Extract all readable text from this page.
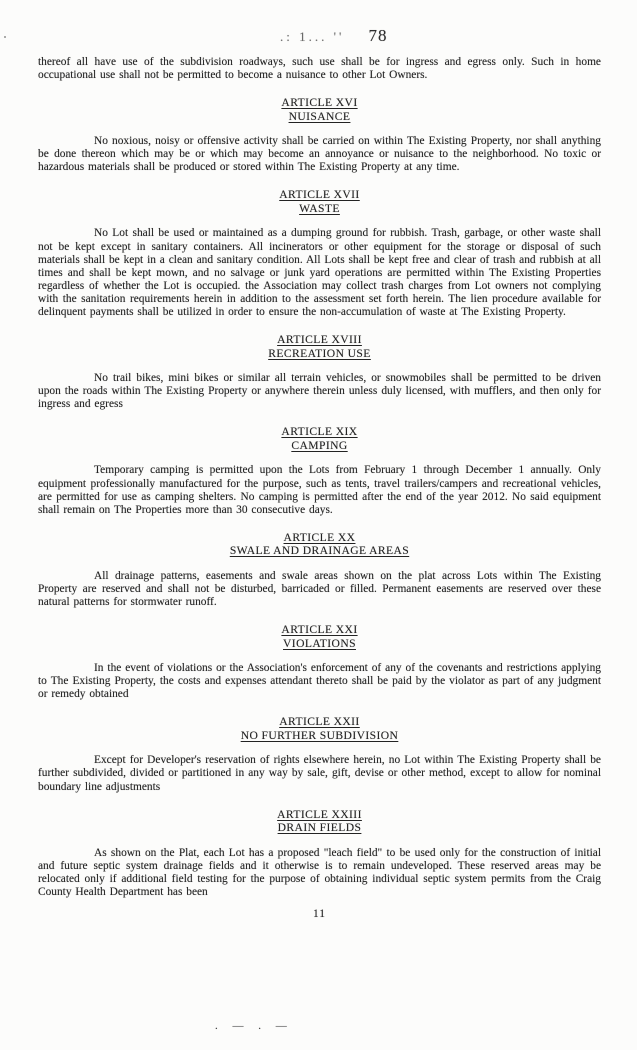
.: 1... '' 78

thereof all have use of the subdivision roadways, such use shall be for ingress and egress only. Such in home occupational use shall not be permitted to become a nuisance to other Lot Owners.

ARTICLE XVI
NUISANCE

No noxious, noisy or offensive activity shall be carried on within The Existing Property, nor shall anything be done thereon which may be or which may become an annoyance or nuisance to the neighborhood. No toxic or hazardous materials shall be produced or stored within The Existing Property at any time.

ARTICLE XVII
WASTE

No Lot shall be used or maintained as a dumping ground for rubbish. Trash, garbage, or other waste shall not be kept except in sanitary containers. All incinerators or other equipment for the storage or disposal of such materials shall be kept in a clean and sanitary condition. All Lots shall be kept free and clear of trash and rubbish at all times and shall be kept mown, and no salvage or junk yard operations are permitted within The Existing Properties regardless of whether the Lot is occupied. the Association may collect trash charges from Lot owners not complying with the sanitation requirements herein in addition to the assessment set forth herein. The lien procedure available for delinquent payments shall be utilized in order to ensure the non-accumulation of waste at The Existing Property.

ARTICLE XVIII
RECREATION USE

No trail bikes, mini bikes or similar all terrain vehicles, or snowmobiles shall be permitted to be driven upon the roads within The Existing Property or anywhere therein unless duly licensed, with mufflers, and then only for ingress and egress

ARTICLE XIX
CAMPING

Temporary camping is permitted upon the Lots from February 1 through December 1 annually. Only equipment professionally manufactured for the purpose, such as tents, travel trailers/campers and recreational vehicles, are permitted for use as camping shelters. No camping is permitted after the end of the year 2012. No said equipment shall remain on The Properties more than 30 consecutive days.

ARTICLE XX
SWALE AND DRAINAGE AREAS

All drainage patterns, easements and swale areas shown on the plat across Lots within The Existing Property are reserved and shall not be disturbed, barricaded or filled. Permanent easements are reserved over these natural patterns for stormwater runoff.

ARTICLE XXI
VIOLATIONS

In the event of violations or the Association's enforcement of any of the covenants and restrictions applying to The Existing Property, the costs and expenses attendant thereto shall be paid by the violator as part of any judgment or remedy obtained

ARTICLE XXII
NO FURTHER SUBDIVISION

Except for Developer's reservation of rights elsewhere herein, no Lot within The Existing Property shall be further subdivided, divided or partitioned in any way by sale, gift, devise or other method, except to allow for nominal boundary line adjustments

ARTICLE XXIII
DRAIN FIELDS

As shown on the Plat, each Lot has a proposed "leach field" to be used only for the construction of initial and future septic system drainage fields and it otherwise is to remain undeveloped. These reserved areas may be relocated only if additional field testing for the purpose of obtaining individual septic system permits from the Craig County Health Department has been

11
. — . —
